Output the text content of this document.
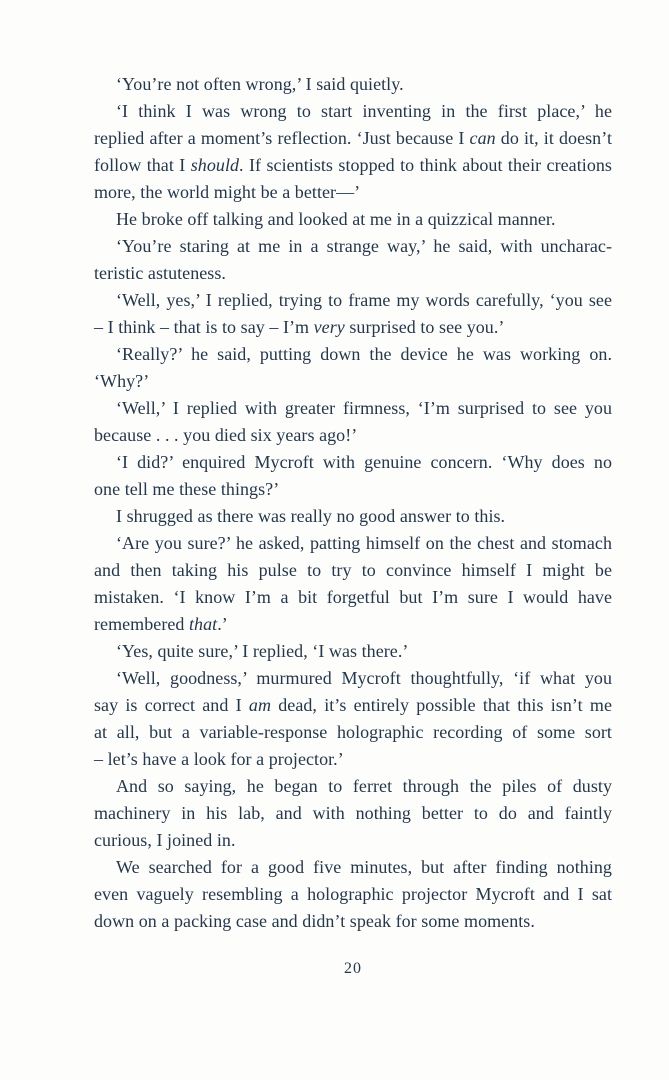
‘You’re not often wrong,’ I said quietly.
‘I think I was wrong to start inventing in the first place,’ he
replied after a moment’s reflection. ‘Just because I can do it, it doesn’t
follow that I should. If scientists stopped to think about their creations
more, the world might be a better—’
He broke off talking and looked at me in a quizzical manner.
‘You’re staring at me in a strange way,’ he said, with uncharac-
teristic astuteness.
‘Well, yes,’ I replied, trying to frame my words carefully, ‘you see
– I think – that is to say – I’m very surprised to see you.’
‘Really?’ he said, putting down the device he was working on.
‘Why?’
‘Well,’ I replied with greater firmness, ‘I’m surprised to see you
because . . . you died six years ago!’
‘I did?’ enquired Mycroft with genuine concern. ‘Why does no
one tell me these things?’
I shrugged as there was really no good answer to this.
‘Are you sure?’ he asked, patting himself on the chest and stomach
and then taking his pulse to try to convince himself I might be
mistaken. ‘I know I’m a bit forgetful but I’m sure I would have
remembered that.’
‘Yes, quite sure,’ I replied, ‘I was there.’
‘Well, goodness,’ murmured Mycroft thoughtfully, ‘if what you
say is correct and I am dead, it’s entirely possible that this isn’t me
at all, but a variable-response holographic recording of some sort
– let’s have a look for a projector.’
And so saying, he began to ferret through the piles of dusty
machinery in his lab, and with nothing better to do and faintly
curious, I joined in.
We searched for a good five minutes, but after finding nothing
even vaguely resembling a holographic projector Mycroft and I sat
down on a packing case and didn’t speak for some moments.
20
